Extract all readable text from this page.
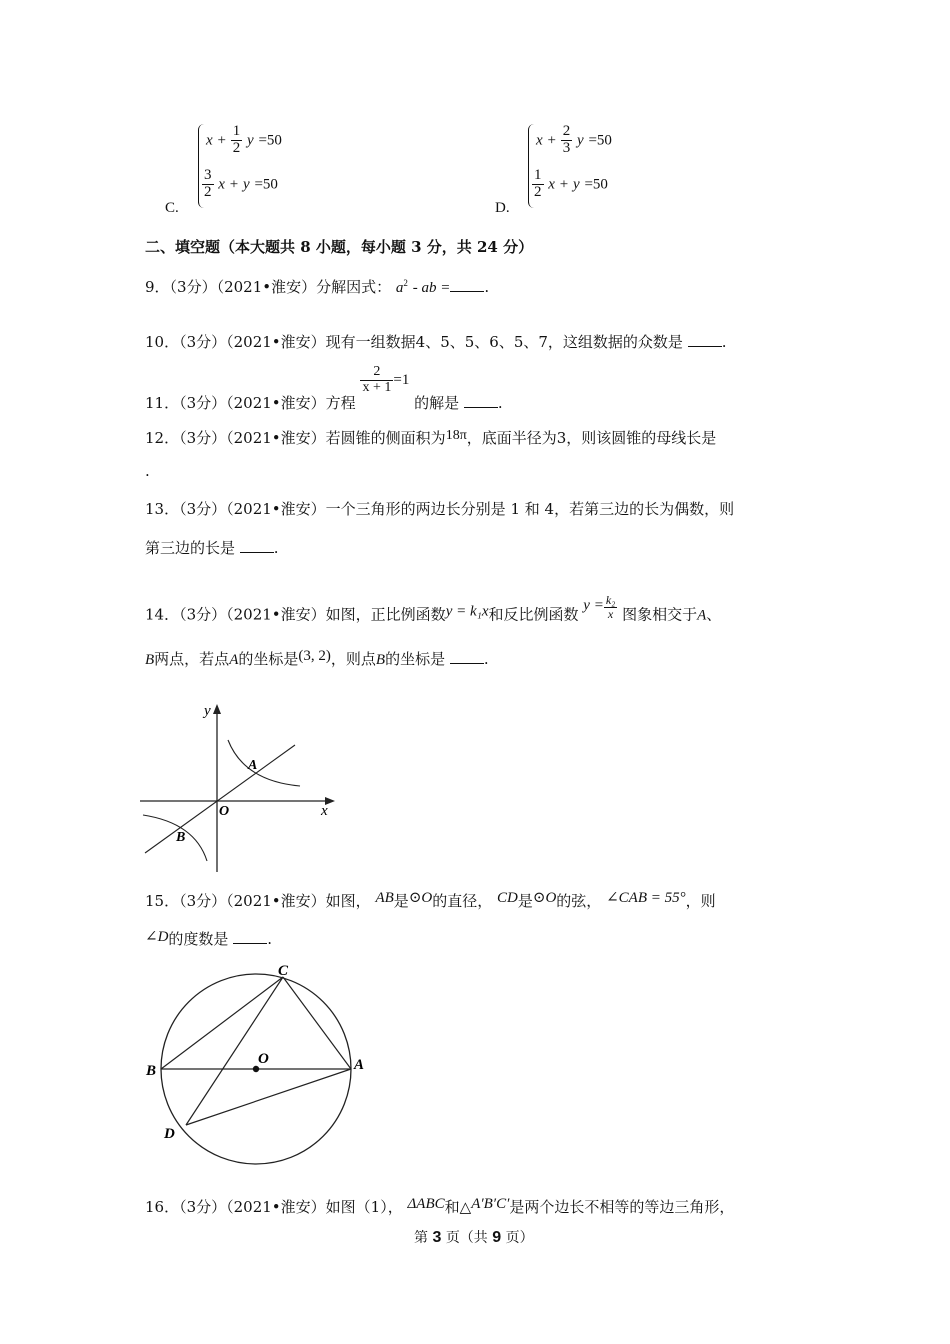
C.
$x + \frac{1}{2}$ y =50
$\frac{3}{2}$ x + y =50
D.
$x + \frac{2}{3}$ y =50
$\frac{1}{2}$ x + y =50
二、填空题（本大题共 8 小题，每小题 3 分，共 24 分）
9．（3分）（2021•淮安）分解因式： $a^2$ - ab = .
10．（3分）（2021•淮安）现有一组数据4、5、5、6、5、7，这组数据的众数是	.
11．（3分）（2021•淮安）方程
$\frac{2}{x + 1} =1$ 的解是	.
12．（3分）（2021•淮安）若圆锥的侧面积为18π，底面半径为3，则该圆锥的母线长是
.
13．（3分）（2021•淮安）一个三角形的两边长分别是 1 和 4，若第三边的长为偶数，则
第三边的长是	.
14．（3分）（2021•淮安）如图，正比例函数y = k₁x和反比例函数 $y = \frac{\text{k₂}}{x}$ 图象相交于A、
B两点，若点A的坐标是(3, 2)，则点B的坐标是	.
y
x
O
A
B
15．（3分）（2021•淮安）如图， AB是⊙O的直径， CD是⊙O的弦， ∠CAB = 55°，则
∠D的度数是	.
C
B
O	A
D
16．（3分）（2021•淮安）如图（1）， ΔABC和△A′B′C′是两个边长不相等的等边三角形，
第 3 页（共 9 页）
